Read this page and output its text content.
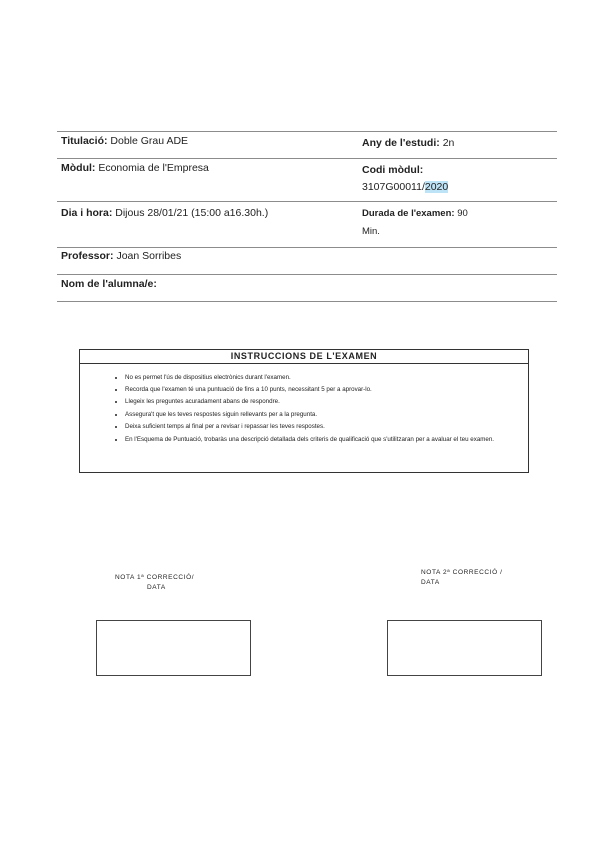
Titulació: Doble Grau ADE	Any de l'estudi: 2n
Mòdul: Economia de l'Empresa	Codi mòdul:
3107G00011/2020
Dia i hora: Dijous 28/01/21 (15:00 a16.30h.)	Durada de l'examen: 90
Min.
Professor: Joan Sorribes
Nom de l'alumna/e:
INSTRUCCIONS DE L'EXAMEN
• No es permet l'ús de dispositius electrònics durant l'examen.
• Recorda que l'examen té una puntuació de fins a 10 punts, necessitant 5 per a aprovar-lo.
• Llegeix les preguntes acuradament abans de respondre.
• Assegura't que les teves respostes siguin rellevants per a la pregunta.
• Deixa suficient temps al final per a revisar i repassar les teves respostes.
• En l'Esquema de Puntuació, trobaràs una descripció detallada dels criteris de qualificació que s'utilitzaran per a avaluar el teu examen.
NOTA 1ª CORRECCIÓ/
DATA
NOTA 2ª CORRECCIÓ /
DATA
